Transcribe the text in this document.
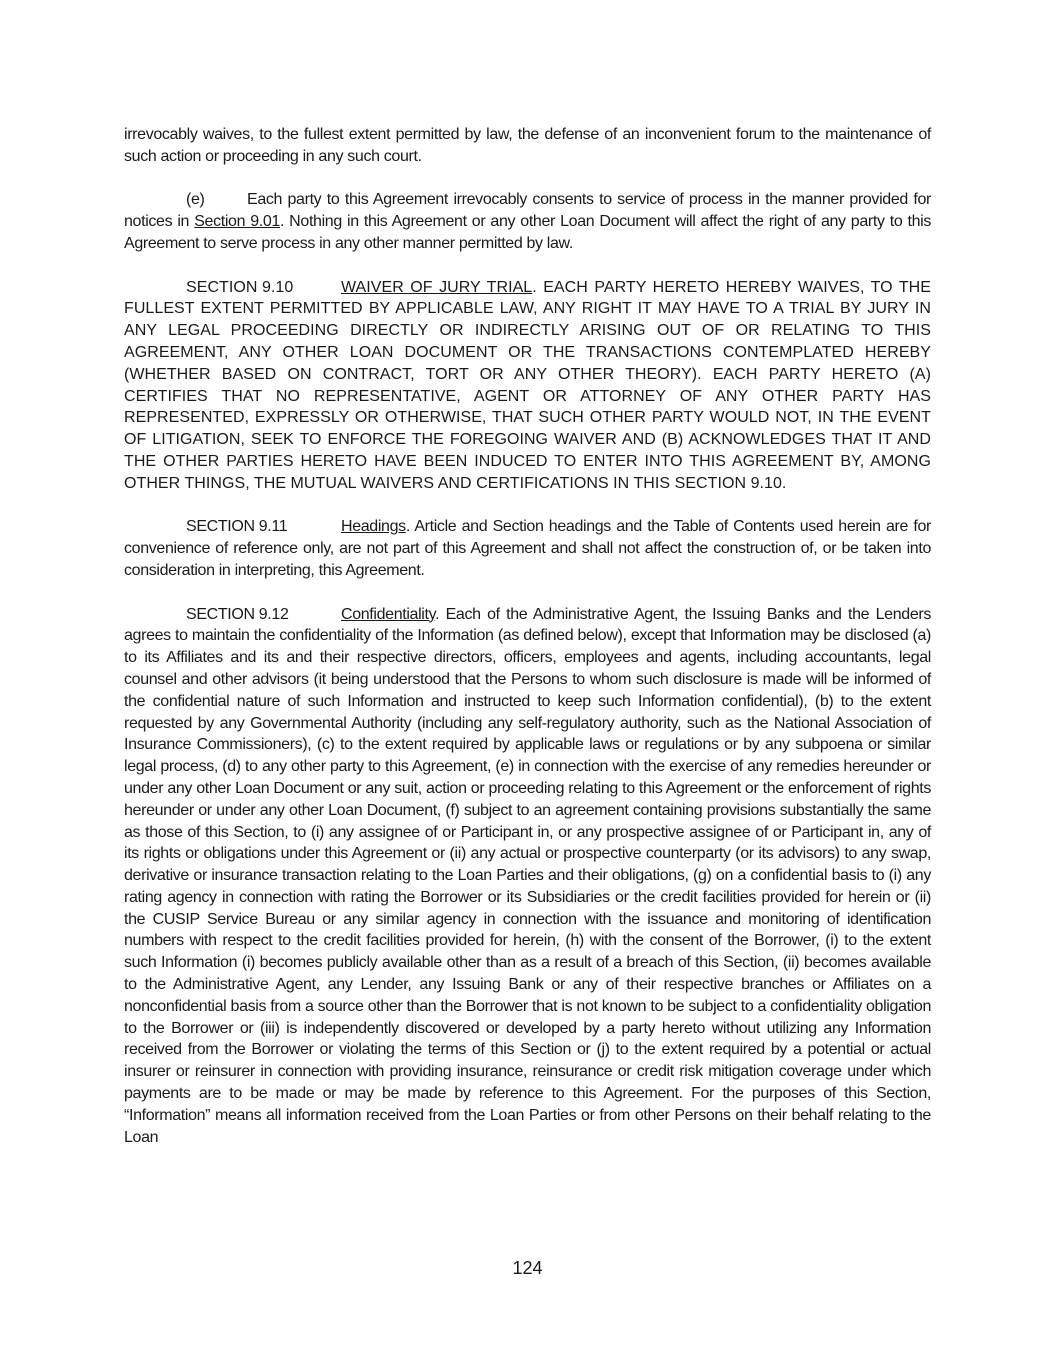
irrevocably waives, to the fullest extent permitted by law, the defense of an inconvenient forum to the maintenance of such action or proceeding in any such court.

(e)	Each party to this Agreement irrevocably consents to service of process in the manner provided for notices in Section 9.01. Nothing in this Agreement or any other Loan Document will affect the right of any party to this Agreement to serve process in any other manner permitted by law.

SECTION 9.10	WAIVER OF JURY TRIAL. EACH PARTY HERETO HEREBY WAIVES, TO THE FULLEST EXTENT PERMITTED BY APPLICABLE LAW, ANY RIGHT IT MAY HAVE TO A TRIAL BY JURY IN ANY LEGAL PROCEEDING DIRECTLY OR INDIRECTLY ARISING OUT OF OR RELATING TO THIS AGREEMENT, ANY OTHER LOAN DOCUMENT OR THE TRANSACTIONS CONTEMPLATED HEREBY (WHETHER BASED ON CONTRACT, TORT OR ANY OTHER THEORY). EACH PARTY HERETO (A) CERTIFIES THAT NO REPRESENTATIVE, AGENT OR ATTORNEY OF ANY OTHER PARTY HAS REPRESENTED, EXPRESSLY OR OTHERWISE, THAT SUCH OTHER PARTY WOULD NOT, IN THE EVENT OF LITIGATION, SEEK TO ENFORCE THE FOREGOING WAIVER AND (B) ACKNOWLEDGES THAT IT AND THE OTHER PARTIES HERETO HAVE BEEN INDUCED TO ENTER INTO THIS AGREEMENT BY, AMONG OTHER THINGS, THE MUTUAL WAIVERS AND CERTIFICATIONS IN THIS SECTION 9.10.

SECTION 9.11	Headings. Article and Section headings and the Table of Contents used herein are for convenience of reference only, are not part of this Agreement and shall not affect the construction of, or be taken into consideration in interpreting, this Agreement.

SECTION 9.12	Confidentiality. Each of the Administrative Agent, the Issuing Banks and the Lenders agrees to maintain the confidentiality of the Information (as defined below), except that Information may be disclosed (a) to its Affiliates and its and their respective directors, officers, employees and agents, including accountants, legal counsel and other advisors (it being understood that the Persons to whom such disclosure is made will be informed of the confidential nature of such Information and instructed to keep such Information confidential), (b) to the extent requested by any Governmental Authority (including any self-regulatory authority, such as the National Association of Insurance Commissioners), (c) to the extent required by applicable laws or regulations or by any subpoena or similar legal process, (d) to any other party to this Agreement, (e) in connection with the exercise of any remedies hereunder or under any other Loan Document or any suit, action or proceeding relating to this Agreement or the enforcement of rights hereunder or under any other Loan Document, (f) subject to an agreement containing provisions substantially the same as those of this Section, to (i) any assignee of or Participant in, or any prospective assignee of or Participant in, any of its rights or obligations under this Agreement or (ii) any actual or prospective counterparty (or its advisors) to any swap, derivative or insurance transaction relating to the Loan Parties and their obligations, (g) on a confidential basis to (i) any rating agency in connection with rating the Borrower or its Subsidiaries or the credit facilities provided for herein or (ii) the CUSIP Service Bureau or any similar agency in connection with the issuance and monitoring of identification numbers with respect to the credit facilities provided for herein, (h) with the consent of the Borrower, (i) to the extent such Information (i) becomes publicly available other than as a result of a breach of this Section, (ii) becomes available to the Administrative Agent, any Lender, any Issuing Bank or any of their respective branches or Affiliates on a nonconfidential basis from a source other than the Borrower that is not known to be subject to a confidentiality obligation to the Borrower or (iii) is independently discovered or developed by a party hereto without utilizing any Information received from the Borrower or violating the terms of this Section or (j) to the extent required by a potential or actual insurer or reinsurer in connection with providing insurance, reinsurance or credit risk mitigation coverage under which payments are to be made or may be made by reference to this Agreement. For the purposes of this Section, “Information” means all information received from the Loan Parties or from other Persons on their behalf relating to the Loan

124
